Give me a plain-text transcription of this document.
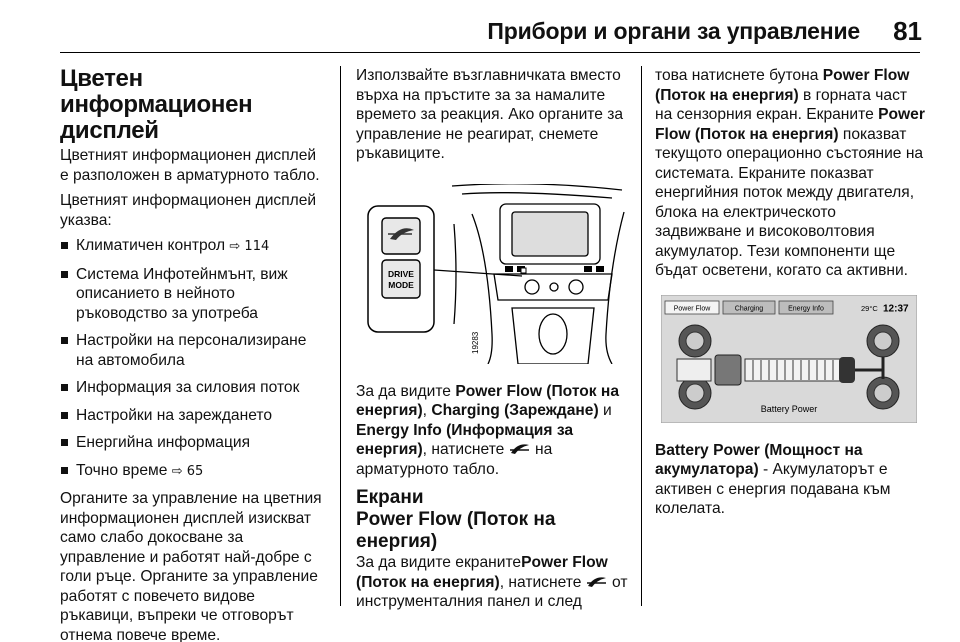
Прибори и органи за управление 81
Цветен информационен дисплей

Цветният информационен дисплей е разположен в арматурното табло.

Цветният информационен дисплей указва:

Климатичен контрол ⇨ 114
Система Инфотейнмънт, виж описанието в нейното ръководство за употреба
Настройки на персонализиране на автомобила
Информация за силовия поток
Настройки на зареждането
Енергийна информация
Точно време ⇨ 65

Органите за управление на цветния информационен дисплей изискват само слабо докосване за управление и работят най-добре с голи ръце. Органите за управление работят с повечето видове ръкавици, въпреки че отговорът отнема повече време.

Използвайте възглавничката вместо върха на пръстите за за намалите времето за реакция. Ако органите за управление не реагират, снемете ръкавиците.

DRIVE
MODE
19283

За да видите Power Flow (Поток на енергия), Charging (Зареждане) и Energy Info (Информация за енергия), натиснете  на арматурното табло.

Екрани
Power Flow (Поток на енергия)

За да видите екранитеPower Flow (Поток на енергия), натиснете  от инструменталния панел и след

това натиснете бутона Power Flow (Поток на енергия) в горната част на сензорния екран. Екраните Power Flow (Поток на енергия) показват текущото операционно състояние на системата. Екраните показват енергийния поток между двигателя, блока на електрическото задвижване и високоволтовия акумулатор. Тези компоненти ще бъдат осветени, когато са активни.

Power Flow	Charging	Energy Info	29°C 12:37
Battery Power

Battery Power (Мощност на акумулатора) - Акумулаторът е активен с енергия подавана към колелата.
